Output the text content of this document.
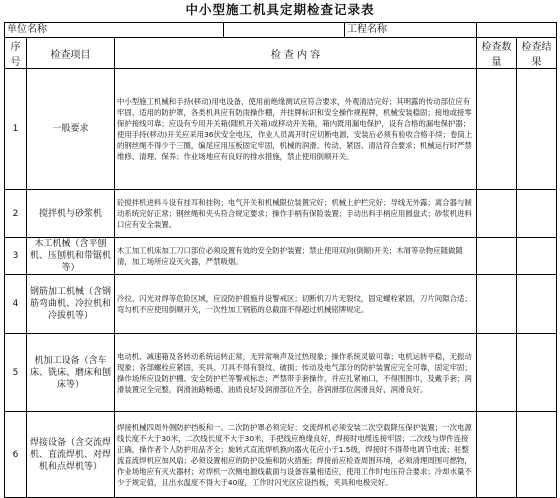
中小型施工机具定期检查记录表
单位名称 工程名称				

序号	检查项目	检 查 内 容	检查数量	检查结果
1	一般要求	中小型施工机械和手持(移动)用电设备，使用前绝缘测试应符合要求，外观清洁完好；其明露的传动部位应有牢固、适用的防护罩，各类机具应有防雨操作棚，并挂牌标识和安全操作规程牌，机械安装稳固；接地或接零保护接线可靠；应设有专用开关箱(随机开关箱)或移动开关箱，箱内既用漏电保护，设有合格的漏电保护器；使用手持(移动)开关应采用36伏安全电压，作业人员离开时应切断电源，安装后必须有验收合格手续；卷筒上的钢丝绳不得少于三圈，编尾应用压板固定牢固，机械的润滑、传动、紧固、清洁符合要求；机械运行时严禁维修、清理、保养；作业场地应有良好的排水措施，禁止使用倒顺开关。		
2	搅拌机与砂浆机	砼搅拌机进料斗设有挂耳和挂钩；电气开关和机械限位装置完好；机械上护栏完好；导线无外露；离合器与制动系统完好正常；钢丝绳和夹头符合规定要求；操作手柄有保险装置；手动出料手柄应用圆盘式；砂浆机进料口应有安全装置。		
3	木工机械（含平刨机、压刨机和带锯机等）	木工加工机床加工刀口部位必须设置有效的安全防护装置；禁止使用双向(倒顺)开关；木屑等杂物应随做随清，加工场所应设灭火器，严禁吸烟。		
4	钢筋加工机械（含钢筋弯曲机、冷拉机和冷拔机等）	冷拉、闪光对焊等危险区域，应设防护措施并设警戒区；切断机刀片无裂纹，固定螺栓紧固，刀片间隙合适；弯勾机不应使用倒顺开关，一次性加工钢筋的总截面不得超过机械铭牌规定。		
5	机加工设备（含车床、铣床、磨床和刨床等）	电动机、减速箱及各转动系统运转正常，无异常响声及过热现象；操作系统灵敏可靠；电机运转平稳，无振动现象；各部螺栓应紧固，夹具、刀具不得有裂纹、破损；传动及电气部分的防护装置应完全可靠，固定牢固；操作场所应设防护棚、安全防护栏等警戒标志；严禁带手套操作，并应扎紧袖口，不得围围巾，及戴手套；润滑装置完全完整，润滑油路畅通、油质良好及润滑部位齐全，各润滑部位润滑良好，润滑良好。		
6	焊接设备（含交流焊机、直流焊机、对焊机和点焊机等）	焊接机械四周外侧防护挡板和一、二次防护罩必须完好；交流焊机必须安装二次空载降压保护装置；一次电源线长度不大于30米，二次线长度不大于30米，手把线应绝缘良好，焊接时电缆连接牢固；二次线与焊件连接正确，操作者个人防护用品齐全；旋转式直流焊机换向器火花应小于1.5级，焊接时不得带电调节电流；驻整流直流焊机应加风扇；必须设置相应的防护设施和防火措施；焊接前应检查周围环境，必须清理周围可燃物，作业场地应有灭火器材；对焊机一次侧电源线截面与设备容量相适应，使用工作时电压符合要求；冷却水量不少于规定值，且出水温度不得大于40度，工作时闪光区应设挡板，夹具和电极完好。		
